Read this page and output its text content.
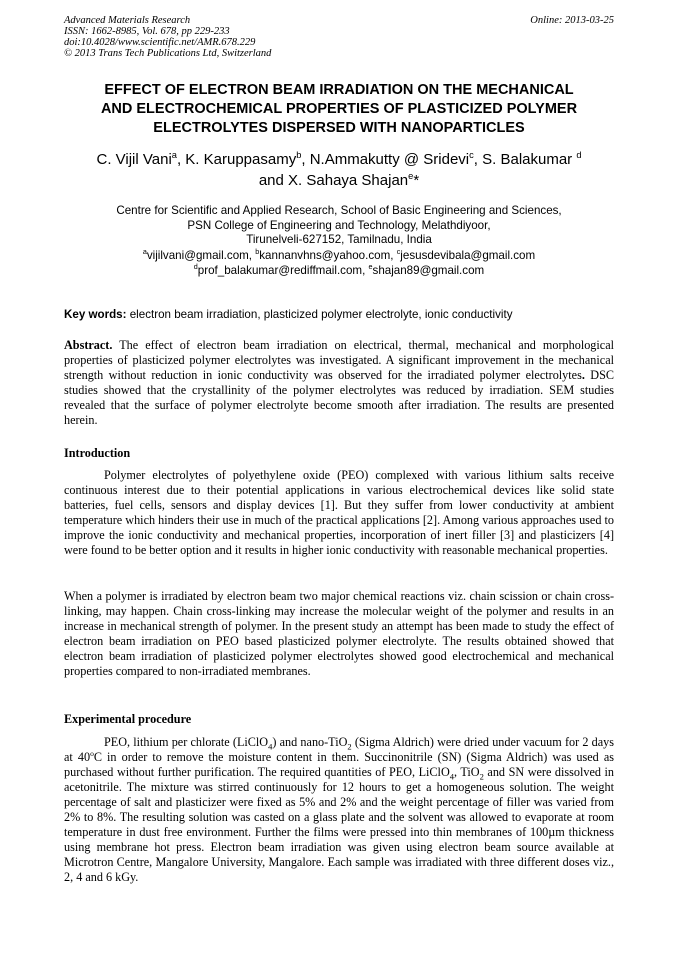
Advanced Materials Research
ISSN: 1662-8985, Vol. 678, pp 229-233
doi:10.4028/www.scientific.net/AMR.678.229
© 2013 Trans Tech Publications Ltd, Switzerland
Online: 2013-03-25
EFFECT OF ELECTRON BEAM IRRADIATION ON THE MECHANICAL
AND ELECTROCHEMICAL PROPERTIES OF PLASTICIZED POLYMER
ELECTROLYTES DISPERSED WITH NANOPARTICLES
C. Vijil Vani$^a$, K. Karuppasamy$^b$, N.Ammakutty @ Sridevi$^c$, S. Balakumar $^d$
and X. Sahaya Shajan$^e$*
Centre for Scientific and Applied Research, School of Basic Engineering and Sciences,
PSN College of Engineering and Technology, Melathdiyoor,
Tirunelveli-627152, Tamilnadu, India
$^a$vijilvani@gmail.com, $^b$kannanvhns@yahoo.com, $^c$jesusdevibala@gmail.com
$^d$prof_balakumar@rediffmail.com, $^e$shajan89@gmail.com
Key words: electron beam irradiation, plasticized polymer electrolyte, ionic conductivity
Abstract. The effect of electron beam irradiation on electrical, thermal, mechanical and morphological properties of plasticized polymer electrolytes was investigated. A significant improvement in the mechanical strength without reduction in ionic conductivity was observed for the irradiated polymer electrolytes. DSC studies showed that the crystallinity of the polymer electrolytes was reduced by irradiation. SEM studies revealed that the surface of polymer electrolyte become smooth after irradiation. The results are presented herein.
Introduction
Polymer electrolytes of polyethylene oxide (PEO) complexed with various lithium salts receive continuous interest due to their potential applications in various electrochemical devices like solid state batteries, fuel cells, sensors and display devices [1]. But they suffer from lower conductivity at ambient temperature which hinders their use in much of the practical applications [2]. Among various approaches used to improve the ionic conductivity and mechanical properties, incorporation of inert filler [3] and plasticizers [4] were found to be better option and it results in higher ionic conductivity with reasonable mechanical properties.
When a polymer is irradiated by electron beam two major chemical reactions viz. chain scission or chain cross-linking, may happen. Chain cross-linking may increase the molecular weight of the polymer and results in an increase in mechanical strength of polymer. In the present study an attempt has been made to study the effect of electron beam irradiation on PEO based plasticized polymer electrolyte. The results obtained showed that electron beam irradiation of plasticized polymer electrolytes showed good electrochemical and mechanical properties compared to non-irradiated membranes.
Experimental procedure
PEO, lithium per chlorate (LiClO$_4$) and nano-TiO$_2$ (Sigma Aldrich) were dried under vacuum for 2 days at 40$^o$C in order to remove the moisture content in them. Succinonitrile (SN) (Sigma Aldrich) was used as purchased without further purification. The required quantities of PEO, LiClO$_4$, TiO$_2$ and SN were dissolved in acetonitrile. The mixture was stirred continuously for 12 hours to get a homogeneous solution. The weight percentage of salt and plasticizer were fixed as 5% and 2% and the weight percentage of filler was varied from 2% to 8%. The resulting solution was casted on a glass plate and the solvent was allowed to evaporate at room temperature in dust free environment. Further the films were pressed into thin membranes of 100µm thickness using membrane hot press. Electron beam irradiation was given using electron beam source available at Microtron Centre, Mangalore University, Mangalore. Each sample was irradiated with three different doses viz., 2, 4 and 6 kGy.
